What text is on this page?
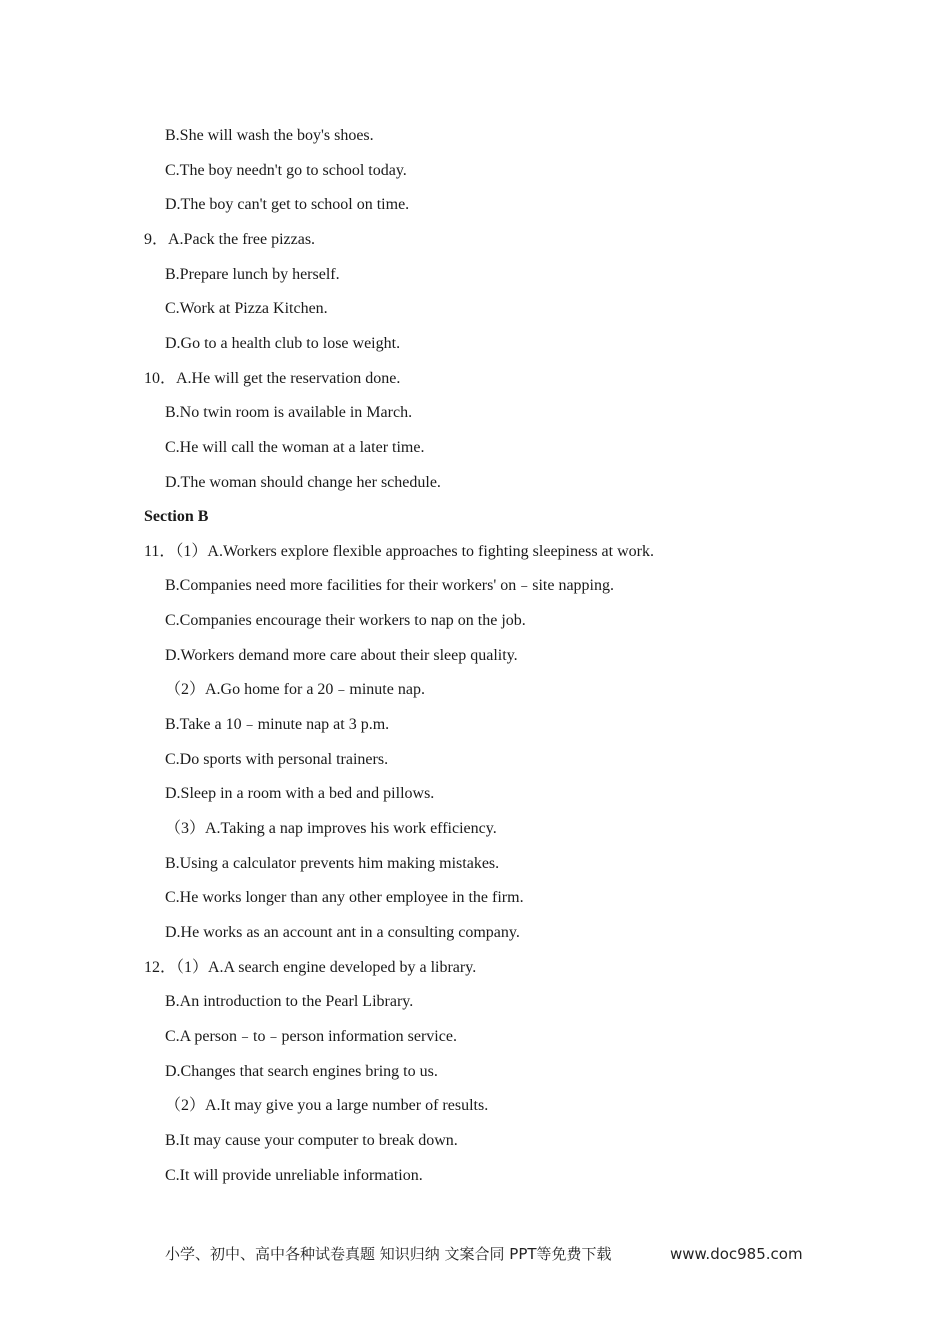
B.She will wash the boy's shoes.
C.The boy needn't go to school today.
D.The boy can't get to school on time.
9．A.Pack the free pizzas.
B.Prepare lunch by herself.
C.Work at Pizza Kitchen.
D.Go to a health club to lose weight.
10．A.He will get the reservation done.
B.No twin room is available in March.
C.He will call the woman at a later time.
D.The woman should change her schedule.
Section B
11．（1）A.Workers explore flexible approaches to fighting sleepiness at work.
B.Companies need more facilities for their workers' on﹣site napping.
C.Companies encourage their workers to nap on the job.
D.Workers demand more care about their sleep quality.
（2）A.Go home for a 20﹣minute nap.
B.Take a 10﹣minute nap at 3 p.m.
C.Do sports with personal trainers.
D.Sleep in a room with a bed and pillows.
（3）A.Taking a nap improves his work efficiency.
B.Using a calculator prevents him making mistakes.
C.He works longer than any other employee in the firm.
D.He works as an account ant in a consulting company.
12．（1）A.A search engine developed by a library.
B.An introduction to the Pearl Library.
C.A person﹣to﹣person information service.
D.Changes that search engines bring to us.
（2）A.It may give you a large number of results.
B.It may cause your computer to break down.
C.It will provide unreliable information.
小学、初中、高中各种试卷真题 知识归纳 文案合同 PPT等免费下载	www.doc985.com
